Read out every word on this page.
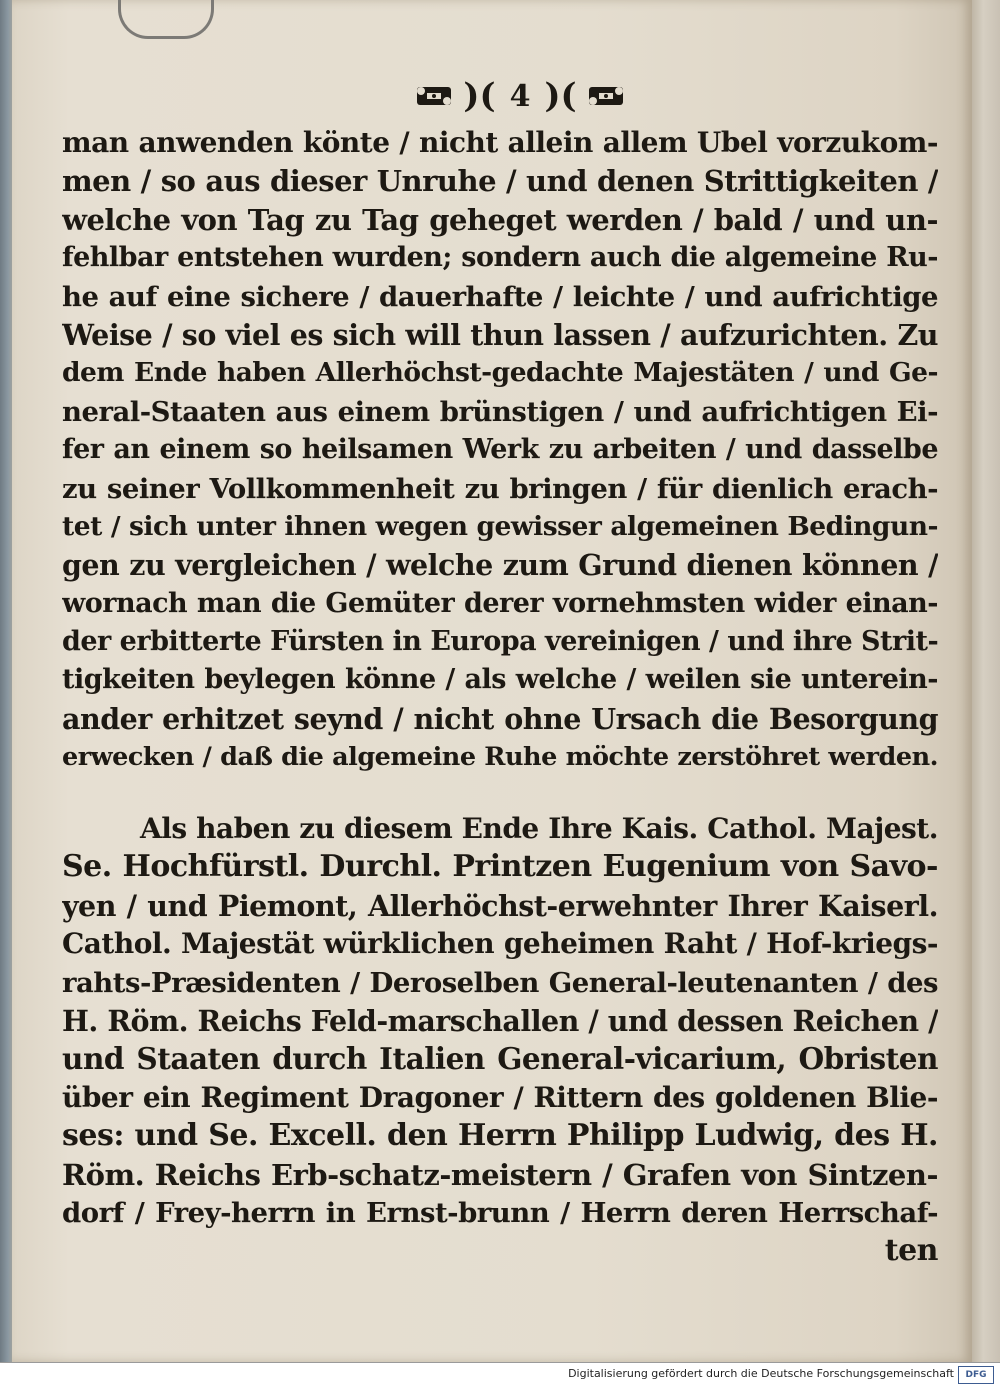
)( 4 )(
man anwenden könte / nicht allein allem Ubel vorzukom-
men / so aus dieser Unruhe / und denen Strittigkeiten /
welche von Tag zu Tag geheget werden / bald / und un-
fehlbar entstehen wurden; sondern auch die algemeine Ru-
he auf eine sichere / dauerhafte / leichte / und aufrichtige
Weise / so viel es sich will thun lassen / aufzurichten. Zu
dem Ende haben Allerhöchst-gedachte Majestäten / und Ge-
neral-Staaten aus einem brünstigen / und aufrichtigen Ei-
fer an einem so heilsamen Werk zu arbeiten / und dasselbe
zu seiner Vollkommenheit zu bringen / für dienlich erach-
tet / sich unter ihnen wegen gewisser algemeinen Bedingun-
gen zu vergleichen / welche zum Grund dienen können /
wornach man die Gemüter derer vornehmsten wider einan-
der erbitterte Fürsten in Europa vereinigen / und ihre Strit-
tigkeiten beylegen könne / als welche / weilen sie unterein-
ander erhitzet seynd / nicht ohne Ursach die Besorgung
erwecken / daß die algemeine Ruhe möchte zerstöhret werden.
Als haben zu diesem Ende Ihre Kais. Cathol. Majest.
Se. Hochfürstl. Durchl. Printzen Eugenium von Savo-
yen / und Piemont, Allerhöchst-erwehnter Ihrer Kaiserl.
Cathol. Majestät würklichen geheimen Raht / Hof-kriegs-
rahts-Præsidenten / Deroselben General-leutenanten / des
H. Röm. Reichs Feld-marschallen / und dessen Reichen /
und Staaten durch Italien General-vicarium, Obristen
über ein Regiment Dragoner / Rittern des goldenen Blie-
ses: und Se. Excell. den Herrn Philipp Ludwig, des H.
Röm. Reichs Erb-schatz-meistern / Grafen von Sintzen-
dorf / Frey-herrn in Ernst-brunn / Herrn deren Herrschaf-
ten
Digitalisierung gefördert durch die Deutsche Forschungsgemeinschaft DFG
